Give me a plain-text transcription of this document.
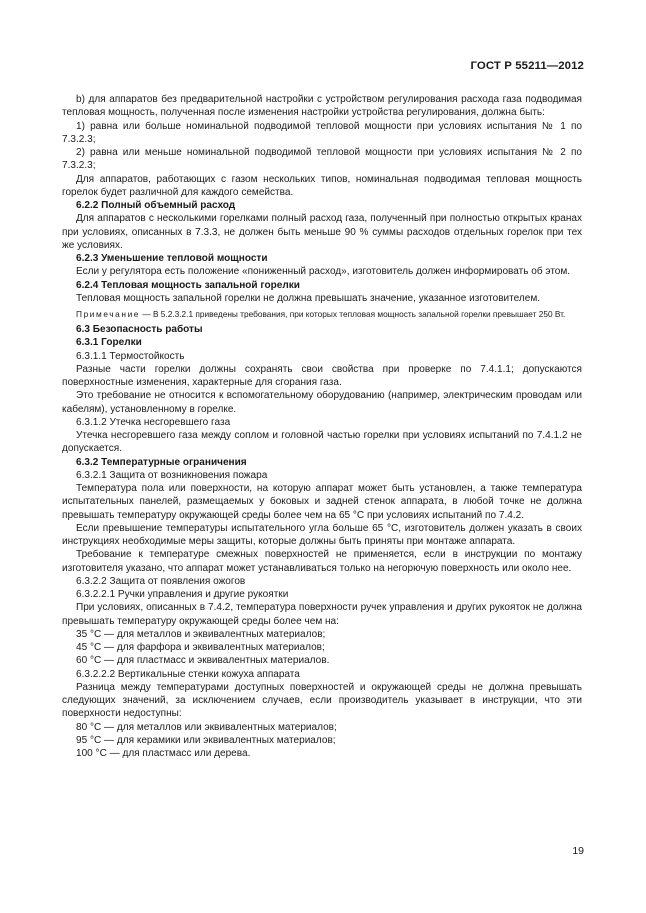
ГОСТ Р 55211—2012

b) для аппаратов без предварительной настройки с устройством регулирования расхода газа подводимая тепловая мощность, полученная после изменения настройки устройства регулирования, должна быть:

1) равна или больше номинальной подводимой тепловой мощности при условиях испытания № 1 по 7.3.2.3;

2) равна или меньше номинальной подводимой тепловой мощности при условиях испытания № 2 по 7.3.2.3;

Для аппаратов, работающих с газом нескольких типов, номинальная подводимая тепловая мощность горелок будет различной для каждого семейства.

6.2.2 Полный объемный расход

Для аппаратов с несколькими горелками полный расход газа, полученный при полностью открытых кранах при условиях, описанных в 7.3.3, не должен быть меньше 90 % суммы расходов отдельных горелок при тех же условиях.

6.2.3 Уменьшение тепловой мощности

Если у регулятора есть положение «пониженный расход», изготовитель должен информировать об этом.

6.2.4 Тепловая мощность запальной горелки

Тепловая мощность запальной горелки не должна превышать значение, указанное изготовителем.

Примечание — В 5.2.3.2.1 приведены требования, при которых тепловая мощность запальной горелки превышает 250 Вт.

6.3 Безопасность работы

6.3.1 Горелки

6.3.1.1 Термостойкость

Разные части горелки должны сохранять свои свойства при проверке по 7.4.1.1; допускаются поверхностные изменения, характерные для сгорания газа.

Это требование не относится к вспомогательному оборудованию (например, электрическим проводам или кабелям), установленному в горелке.

6.3.1.2 Утечка несгоревшего газа

Утечка несгоревшего газа между соплом и головной частью горелки при условиях испытаний по 7.4.1.2 не допускается.

6.3.2 Температурные ограничения

6.3.2.1 Защита от возникновения пожара

Температура пола или поверхности, на которую аппарат может быть установлен, а также температура испытательных панелей, размещаемых у боковых и задней стенок аппарата, в любой точке не должна превышать температуру окружающей среды более чем на 65 °С при условиях испытаний по 7.4.2.

Если превышение температуры испытательного угла больше 65 °С, изготовитель должен указать в своих инструкциях необходимые меры защиты, которые должны быть приняты при монтаже аппарата.

Требование к температуре смежных поверхностей не применяется, если в инструкции по монтажу изготовителя указано, что аппарат может устанавливаться только на негорючую поверхность или около нее.

6.3.2.2 Защита от появления ожогов

6.3.2.2.1 Ручки управления и другие рукоятки

При условиях, описанных в 7.4.2, температура поверхности ручек управления и других рукояток не должна превышать температуру окружающей среды более чем на:

35 °С — для металлов и эквивалентных материалов;

45 °С — для фарфора и эквивалентных материалов;

60 °С — для пластмасс и эквивалентных материалов.

6.3.2.2.2 Вертикальные стенки кожуха аппарата

Разница между температурами доступных поверхностей и окружающей среды не должна превышать следующих значений, за исключением случаев, если производитель указывает в инструкции, что эти поверхности недоступны:

80 °С — для металлов или эквивалентных материалов;

95 °С — для керамики или эквивалентных материалов;

100 °С — для пластмасс или дерева.

19
